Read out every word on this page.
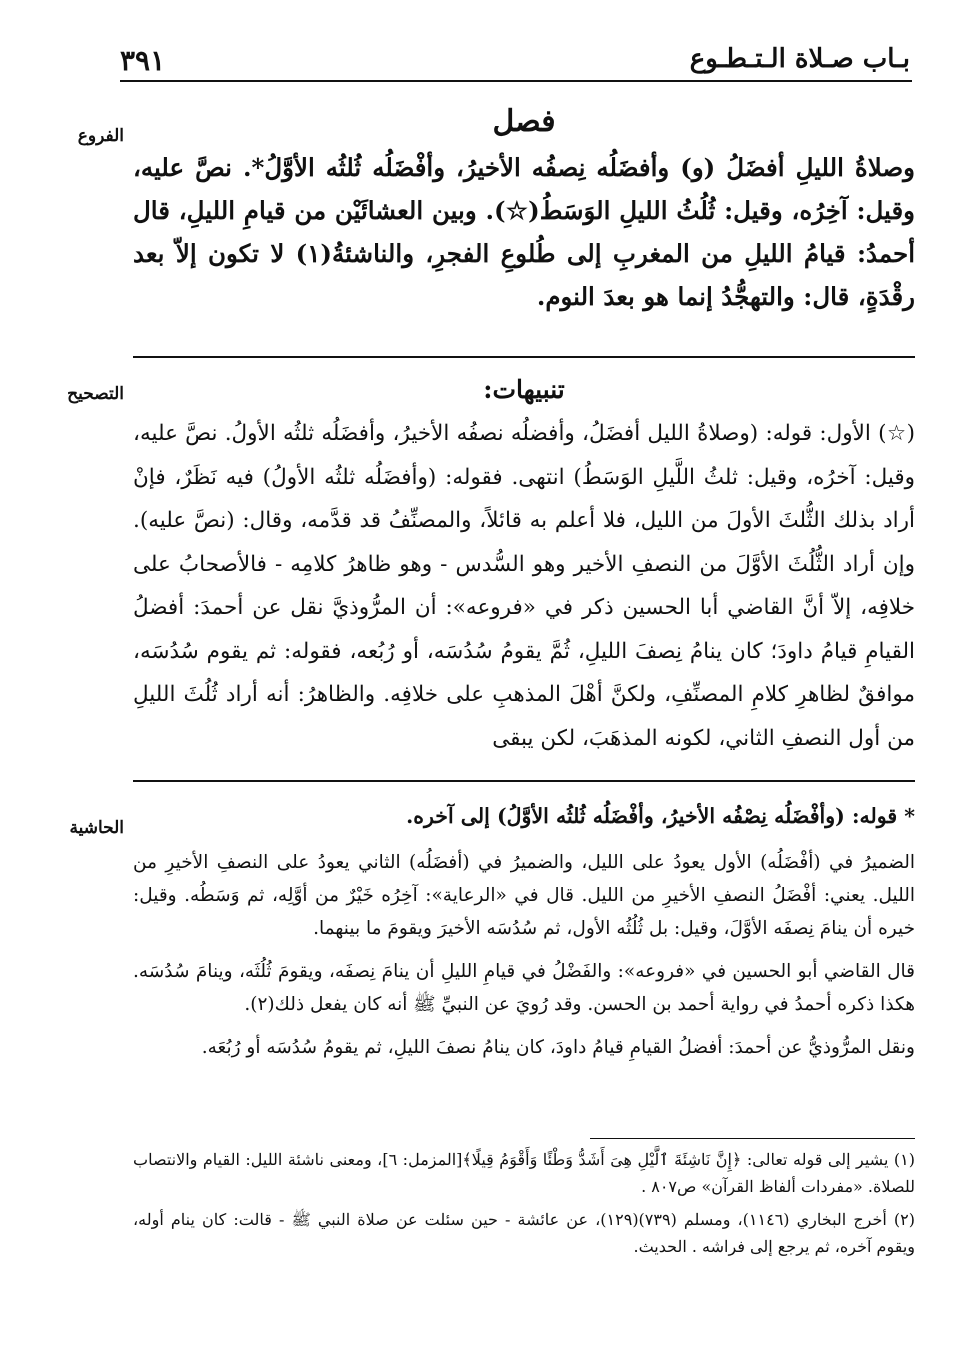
٣٩١	بـاب صـلاة الـتـطـوع
الفروع
التصحيح
الحاشية
فصل
وصلاةُ الليلِ أفضَلُ (و) وأفضَلُه نِصفُه الأخيرُ، وأفْضَلُه ثُلثُه الأوَّلُ*. نصَّ عليه، وقيل: آخِرُه، وقيل: ثُلُثُ الليلِ الوَسَطُ(☆). وبين العشائَيْن من قيامِ الليلِ، قال أحمدُ: قيامُ الليلِ من المغربِ إلى طُلوعِ الفجرِ، والناشئةُ(١) لا تكون إلاّ بعد رقْدَةٍ، قال: والتهجُّدُ إنما هو بعدَ النوم.
تنبيهات:
(☆) الأول: قوله: (وصلاةُ الليل أفضَلُ، وأفضلُه نصفُه الأخيرُ، وأفضَلُه ثلثُه الأولُ. نصَّ عليه، وقيل: آخرُه، وقيل: ثلثُ اللَّيلِ الوَسَطُ) انتهى. فقوله: (وأفضَلُه ثلثُه الأولُ) فيه نَظَرٌ، فإنْ أراد بذلك الثُّلثَ الأولَ من الليل، فلا أعلم به قائلاً، والمصنِّفُ قد قدَّمه، وقال: (نصَّ عليه). وإن أراد الثُّلُثَ الأوَّلَ من النصفِ الأخير وهو السُّدس - وهو ظاهرُ كلامِه - فالأصحابُ على خلافِه، إلاّ أنَّ القاضي أبا الحسين ذكر في «فروعه»: أن المرُّوذيَّ نقل عن أحمدَ: أفضلُ القيامِ قيامُ داودَ؛ كان ينامُ نِصفَ الليلِ، ثُمَّ يقومُ سُدُسَه، أو رُبُعه، فقوله: ثم يقوم سُدُسَه، موافقٌ لظاهرِ كلامِ المصنِّفِ، ولكنَّ أهْلَ المذهبِ على خلافِه. والظاهرُ: أنه أراد ثُلُثَ الليلِ من أول النصفِ الثاني، لكونه المذهَبَ، لكن يبقى
* قوله: (وأفْضَلُه نِصْفُه الأخيرُ، وأفْضَلُه ثُلثُه الأوَّلُ) إلى آخره.
الضميرُ في (أفْضَلُه) الأول يعودُ على الليل، والضميرُ في (أفضَلُه) الثاني يعودُ على النصفِ الأخيرِ من الليل. يعني: أفْضَلُ النصفِ الأخيرِ من الليل. قال في «الرعاية»: آخِرُه خَيْرٌ من أوَّلِه، ثم وَسَطُه. وقيل: خيره أن ينامَ نِصفَه الأوَّلَ، وقيل: بل ثُلُثُه الأول، ثم سُدُسَه الأخيرَ ويقومَ ما بينهما.
قال القاضي أبو الحسين في «فروعه»: والفَضْلُ في قيامِ الليلِ أن ينامَ نِصفَه، ويقومَ ثُلُثَه، وينامَ سُدُسَه. هكذا ذكره أحمدُ في رواية أحمد بن الحسن. وقد رُويَ عن النبيِّ ﷺ أنه كان يفعل ذلك(٢).
ونقل المرُّوذيُّ عن أحمدَ: أفضلُ القيامِ قيامُ داودَ، كان ينامُ نصفَ الليلِ، ثم يقومُ سُدُسَه أو رُبُعَه.
(١) يشير إلى قوله تعالى: ﴿إِنَّ نَاشِئَةَ ٱلَّيْلِ هِىَ أَشَدُّ وَطْئًا وَأَقْوَمُ قِيلًا﴾[المزمل: ٦]، ومعنى ناشئة الليل: القيام والانتصاب للصلاة. «مفردات ألفاظ القرآن» ص٨٠٧ .
(٢) أخرج البخاري (١١٤٦)، ومسلم (٧٣٩)(١٢٩)، عن عائشة - حين سئلت عن صلاة النبي ﷺ - قالت: كان ينام أوله، ويقوم آخره، ثم يرجع إلى فراشه . الحديث.
